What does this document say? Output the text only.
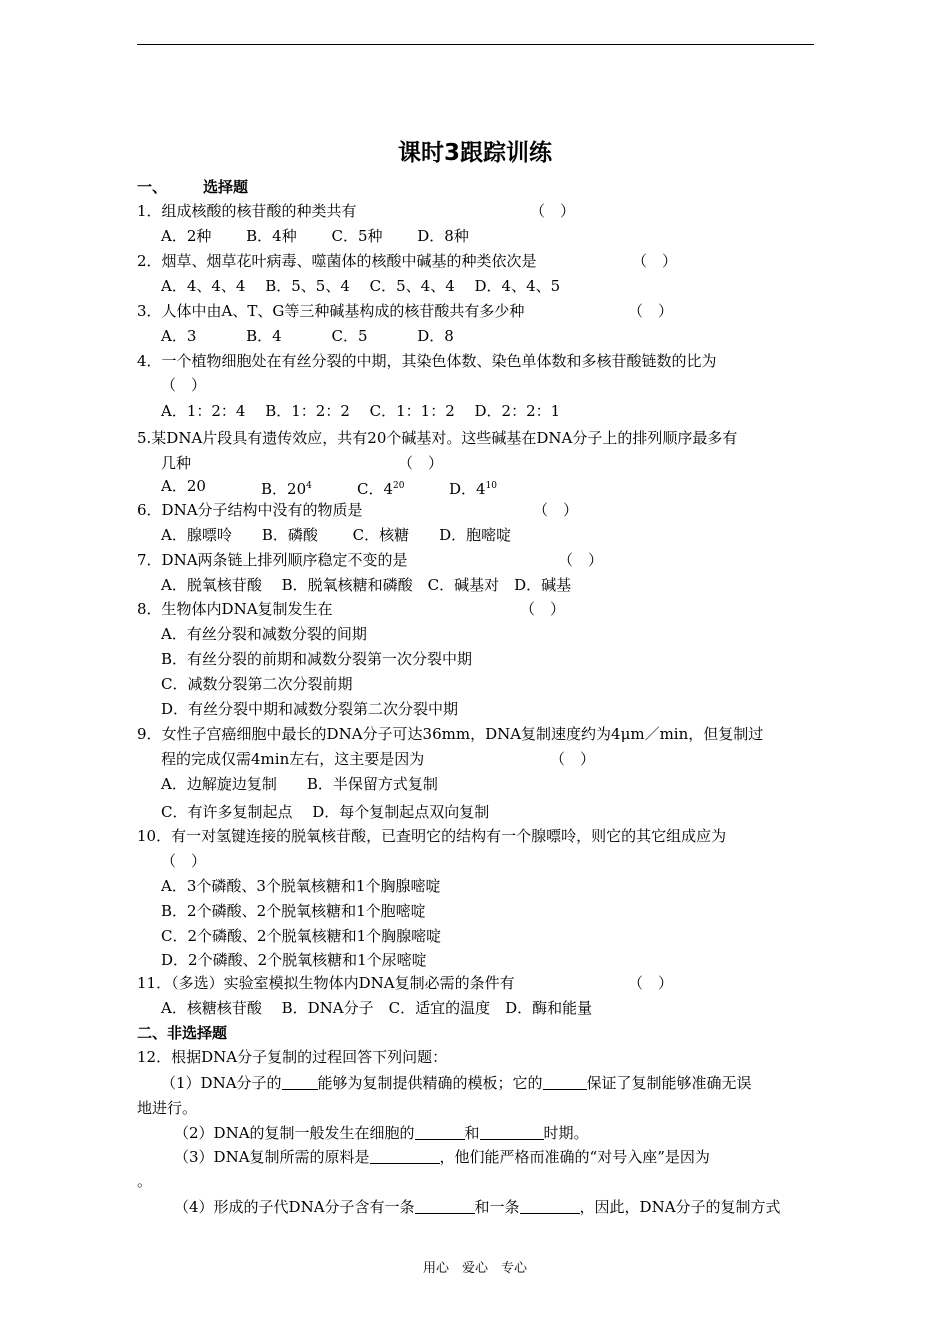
课时3跟踪训练
一、 选择题
1．组成核酸的核苷酸的种类共有	（　）
A．2种　　 B．4种　　 C．5种　　 D．8种
2．烟草、烟草花叶病毒、噬菌体的核酸中碱基的种类依次是	（　）
A．4、4、4　 B．5、5、4　 C．5、4、4　 D．4、4、5
3．人体中由A、T、G等三种碱基构成的核苷酸共有多少种	（　）
A．3　　　 B．4　　　 C．5　　　 D．8
4．一个植物细胞处在有丝分裂的中期，其染色体数、染色单体数和多核苷酸链数的比为
（　）
A．1：2：4　 B．1：2：2　 C．1：1：2　 D．2：2：1
5.某DNA片段具有遗传效应，共有20个碱基对。这些碱基在DNA分子上的排列顺序最多有
几种	（　）
A．20	B．$20^4$	C．$4^{20}$	D．$4^{10}$
6．DNA分子结构中没有的物质是	（　）
A．腺嘌呤　　B．磷酸　　 C．核糖　　D．胞嘧啶
7．DNA两条链上排列顺序稳定不变的是	（　）
A．脱氧核苷酸　 B．脱氧核糖和磷酸　C．碱基对　D．碱基
8．生物体内DNA复制发生在	（　）
A．有丝分裂和减数分裂的间期
B．有丝分裂的前期和减数分裂第一次分裂中期
C．减数分裂第二次分裂前期
D．有丝分裂中期和减数分裂第二次分裂中期
9．女性子宫癌细胞中最长的DNA分子可达36mm，DNA复制速度约为4μm／min，但复制过
程的完成仅需4min左右，这主要是因为	（　）
A．边解旋边复制　　B．半保留方式复制
C．有许多复制起点　 D．每个复制起点双向复制
10．有一对氢键连接的脱氧核苷酸，已查明它的结构有一个腺嘌呤，则它的其它组成应为
（　）
A．3个磷酸、3个脱氧核糖和1个胸腺嘧啶
B．2个磷酸、2个脱氧核糖和1个胞嘧啶
C．2个磷酸、2个脱氧核糖和1个胸腺嘧啶
D．2个磷酸、2个脱氧核糖和1个尿嘧啶
11．（多选）实验室模拟生物体内DNA复制必需的条件有	（　）
A．核糖核苷酸　 B．DNA分子　C．适宜的温度　D．酶和能量
二、非选择题
12．根据DNA分子复制的过程回答下列问题：
（1）DNA分子的 能够为复制提供精确的模板；它的	保证了复制能够准确无误
地进行。
（2）DNA的复制一般发生在细胞的	和	时期。
（3）DNA复制所需的原料是	，他们能严格而准确的“对号入座”是因为
。
（4）形成的子代DNA分子含有一条	和一条	，因此，DNA分子的复制方式
用心　爱心　专心
